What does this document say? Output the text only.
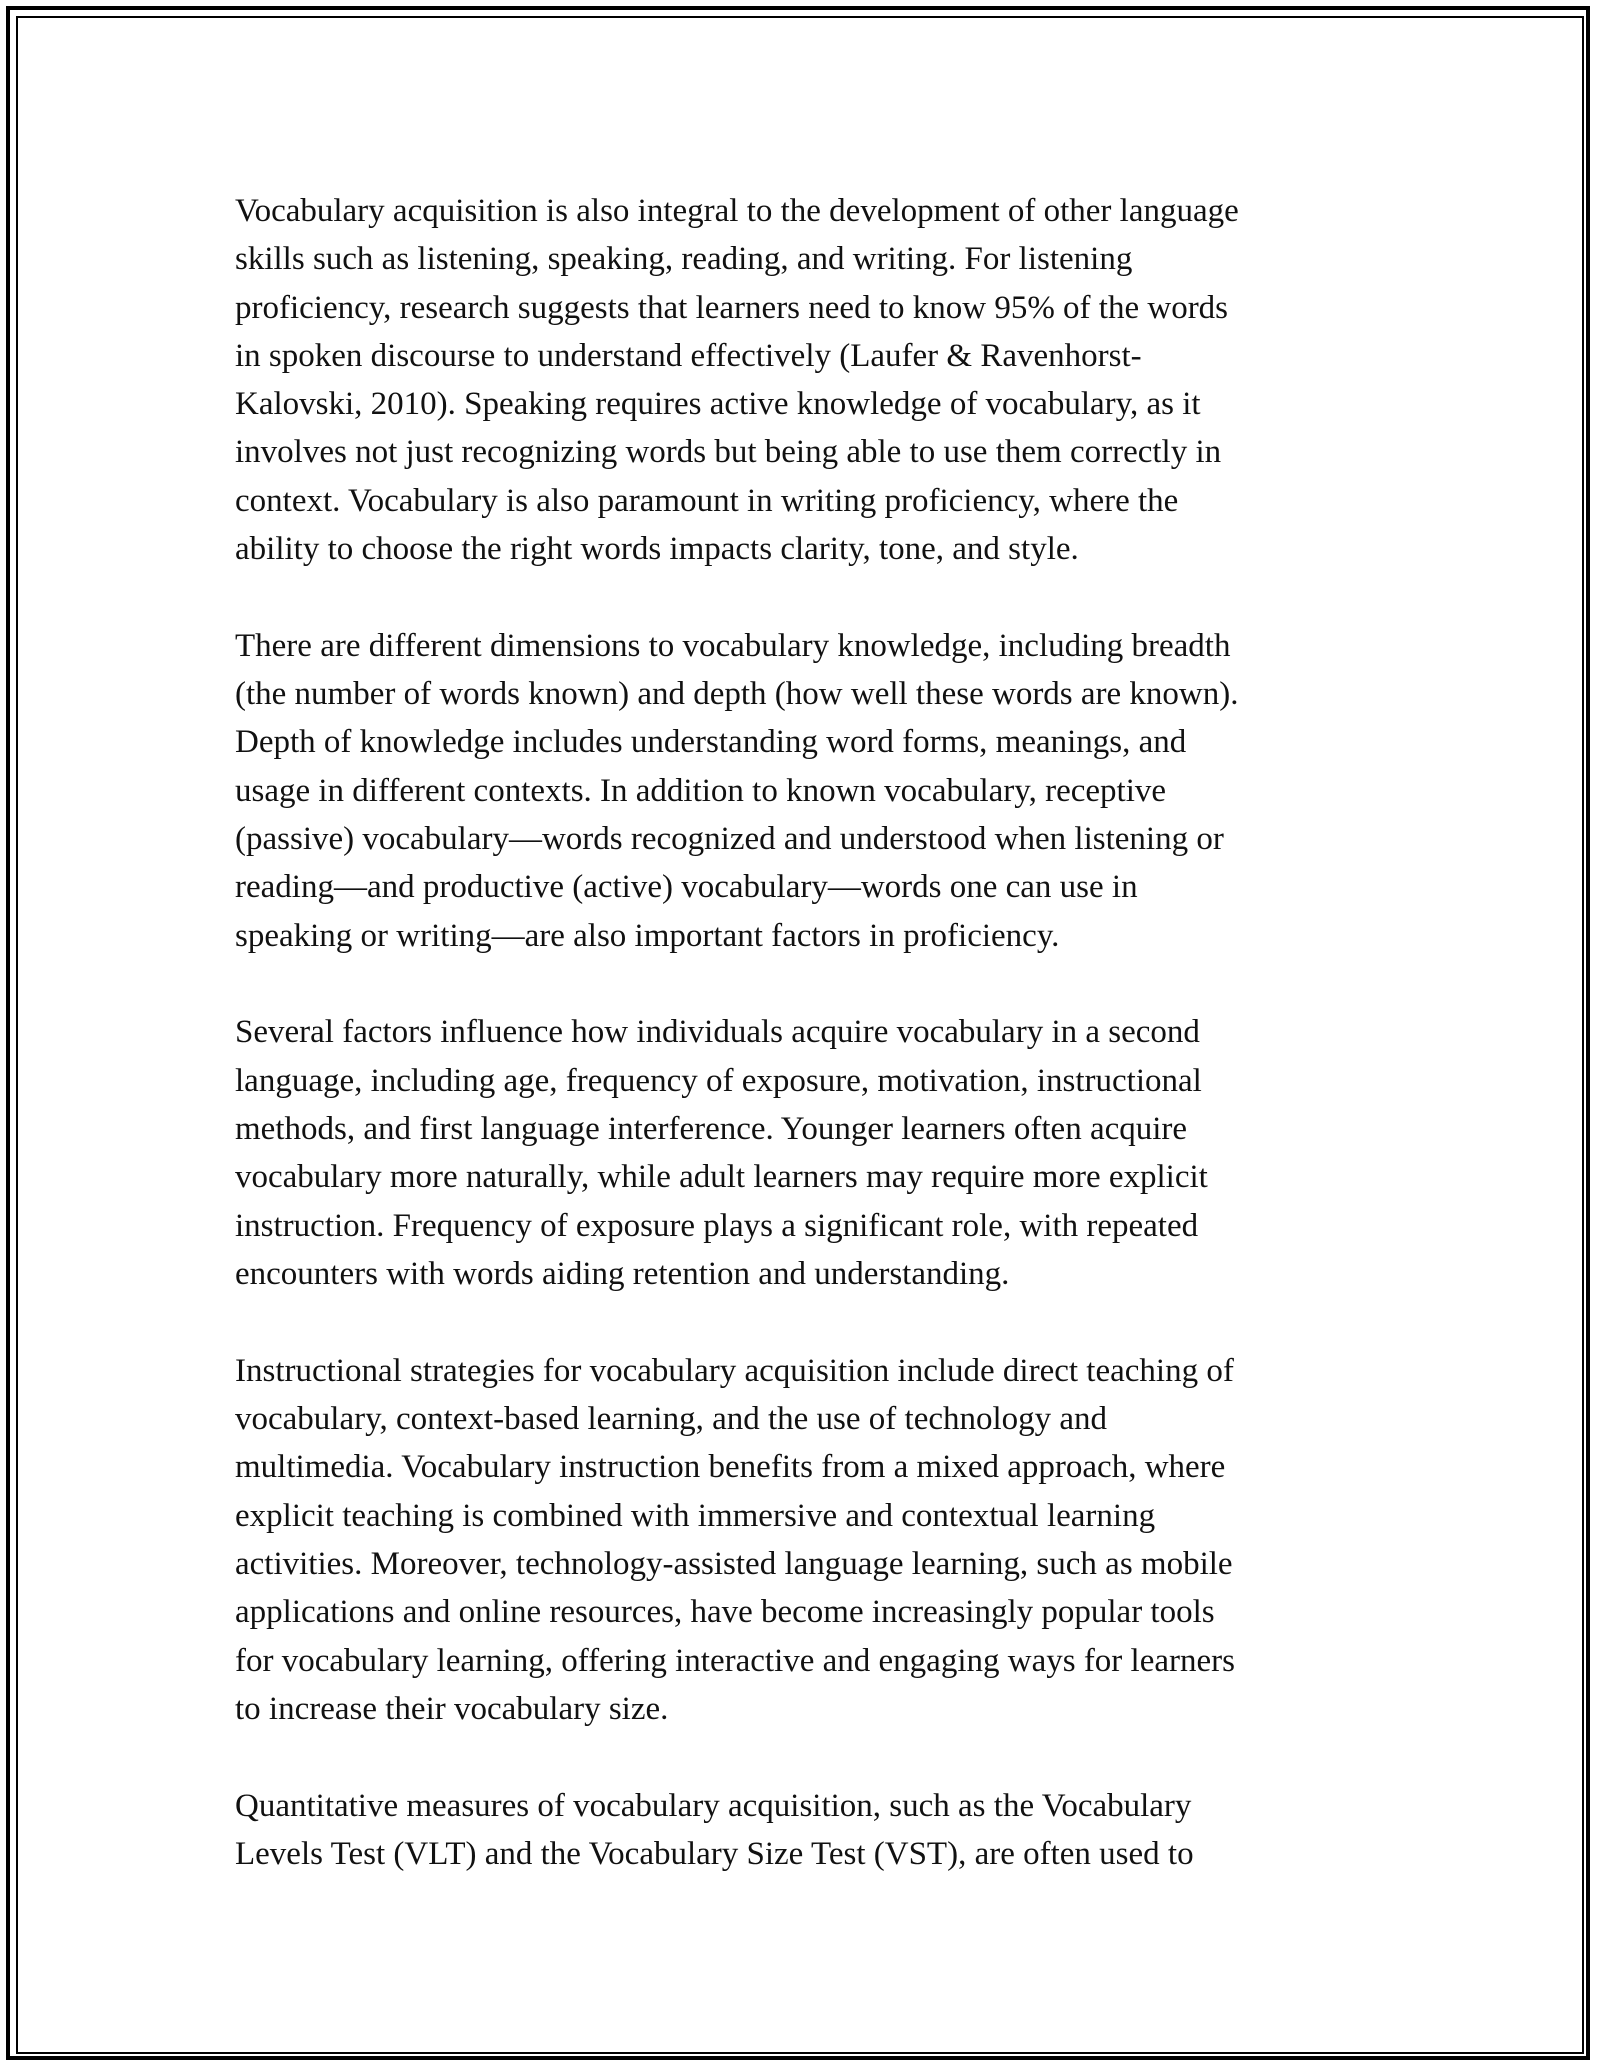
Vocabulary acquisition is also integral to the development of other language
skills such as listening, speaking, reading, and writing. For listening
proficiency, research suggests that learners need to know 95% of the words
in spoken discourse to understand effectively (Laufer & Ravenhorst-
Kalovski, 2010). Speaking requires active knowledge of vocabulary, as it
involves not just recognizing words but being able to use them correctly in
context. Vocabulary is also paramount in writing proficiency, where the
ability to choose the right words impacts clarity, tone, and style.

There are different dimensions to vocabulary knowledge, including breadth
(the number of words known) and depth (how well these words are known).
Depth of knowledge includes understanding word forms, meanings, and
usage in different contexts. In addition to known vocabulary, receptive
(passive) vocabulary—words recognized and understood when listening or
reading—and productive (active) vocabulary—words one can use in
speaking or writing—are also important factors in proficiency.

Several factors influence how individuals acquire vocabulary in a second
language, including age, frequency of exposure, motivation, instructional
methods, and first language interference. Younger learners often acquire
vocabulary more naturally, while adult learners may require more explicit
instruction. Frequency of exposure plays a significant role, with repeated
encounters with words aiding retention and understanding.

Instructional strategies for vocabulary acquisition include direct teaching of
vocabulary, context-based learning, and the use of technology and
multimedia. Vocabulary instruction benefits from a mixed approach, where
explicit teaching is combined with immersive and contextual learning
activities. Moreover, technology-assisted language learning, such as mobile
applications and online resources, have become increasingly popular tools
for vocabulary learning, offering interactive and engaging ways for learners
to increase their vocabulary size.

Quantitative measures of vocabulary acquisition, such as the Vocabulary
Levels Test (VLT) and the Vocabulary Size Test (VST), are often used to
